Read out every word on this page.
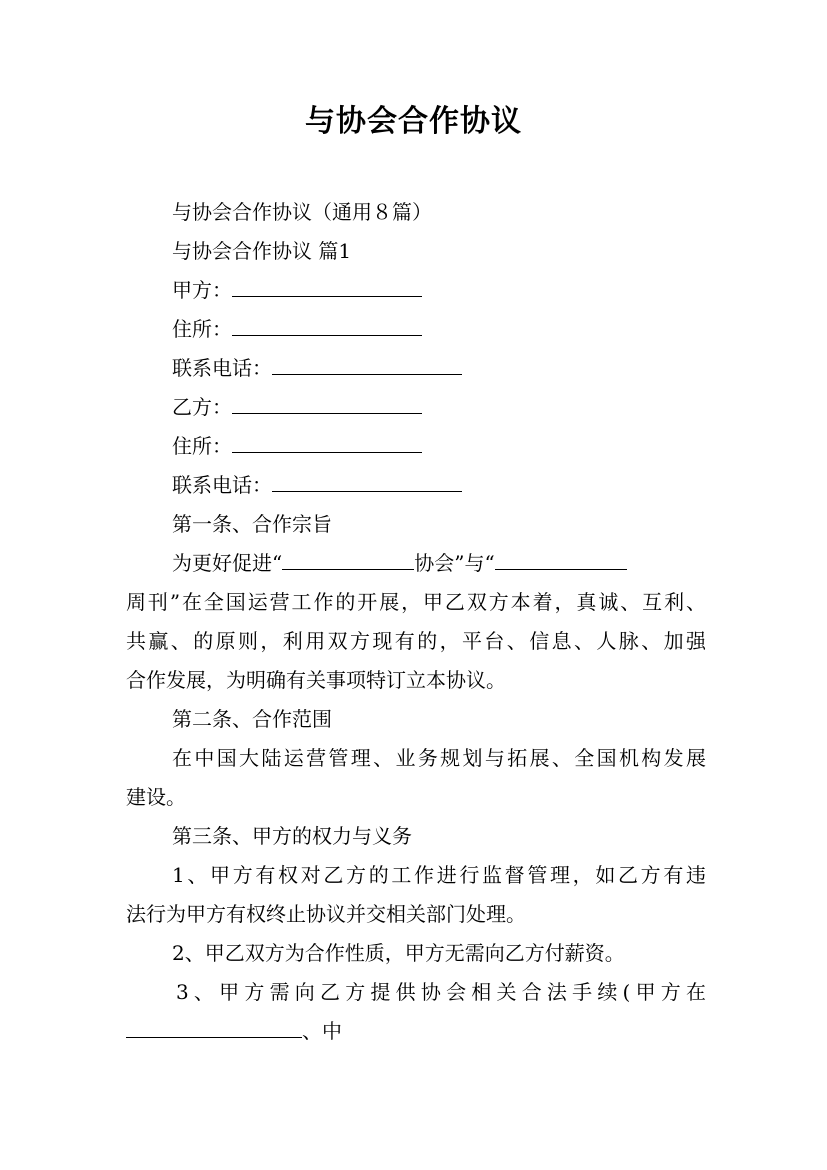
与协会合作协议
与协会合作协议（通用８篇）
与协会合作协议 篇1
甲方：
住所：
联系电话：
乙方：
住所：
联系电话：
第一条、合作宗旨
为更好促进“	协会”与“
周刊”在全国运营工作的开展，甲乙双方本着，真诚、互利、
共赢、的原则，利用双方现有的，平台、信息、人脉、加强
合作发展，为明确有关事项特订立本协议。
第二条、合作范围
在中国大陆运营管理、业务规划与拓展、全国机构发展
建设。
第三条、甲方的权力与义务
1、甲方有权对乙方的工作进行监督管理，如乙方有违
法行为甲方有权终止协议并交相关部门处理。
2、甲乙双方为合作性质，甲方无需向乙方付薪资。
3、甲方需向乙方提供协会相关合法手续(甲方在
、中
